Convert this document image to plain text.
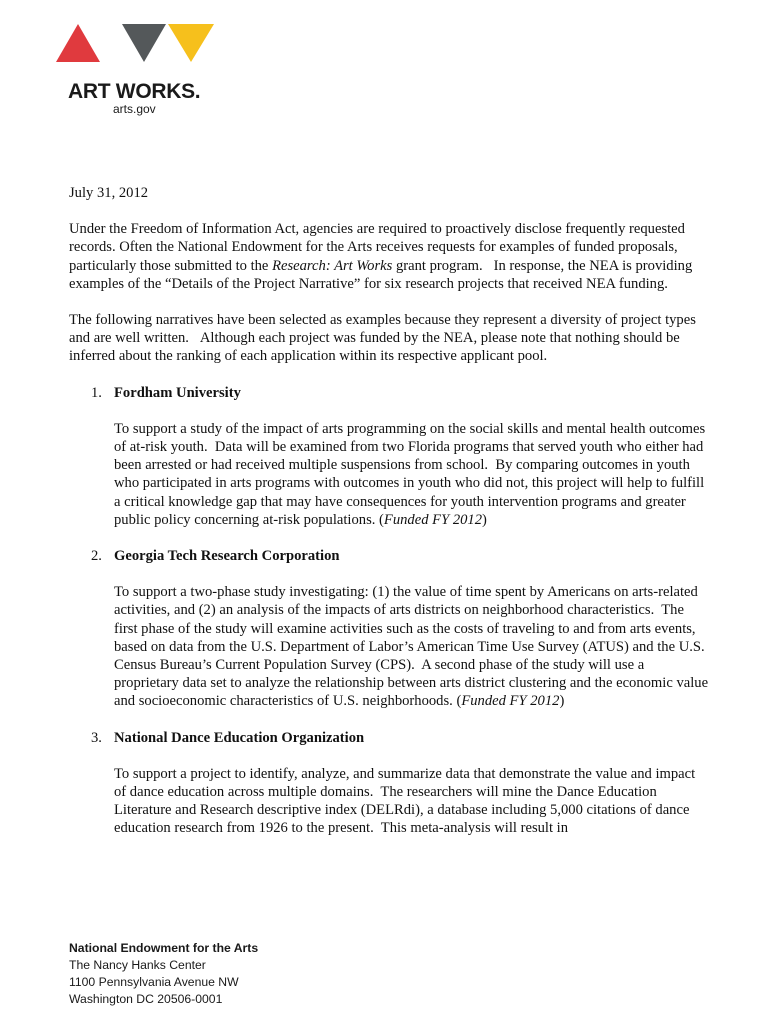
ART WORKS.
arts.gov
July 31, 2012

Under the Freedom of Information Act, agencies are required to proactively disclose frequently requested records. Often the National Endowment for the Arts receives requests for examples of funded proposals, particularly those submitted to the Research: Art Works grant program.   In response, the NEA is providing examples of the “Details of the Project Narrative” for six research projects that received NEA funding.

The following narratives have been selected as examples because they represent a diversity of project types and are well written.   Although each project was funded by the NEA, please note that nothing should be inferred about the ranking of each application within its respective applicant pool.

1. Fordham University

To support a study of the impact of arts programming on the social skills and mental health outcomes of at-risk youth.  Data will be examined from two Florida programs that served youth who either had been arrested or had received multiple suspensions from school.  By comparing outcomes in youth who participated in arts programs with outcomes in youth who did not, this project will help to fulfill a critical knowledge gap that may have consequences for youth intervention programs and greater public policy concerning at-risk populations. (Funded FY 2012)

2. Georgia Tech Research Corporation

To support a two-phase study investigating: (1) the value of time spent by Americans on arts-related activities, and (2) an analysis of the impacts of arts districts on neighborhood characteristics.  The first phase of the study will examine activities such as the costs of traveling to and from arts events, based on data from the U.S. Department of Labor’s American Time Use Survey (ATUS) and the U.S. Census Bureau’s Current Population Survey (CPS).  A second phase of the study will use a proprietary data set to analyze the relationship between arts district clustering and the economic value and socioeconomic characteristics of U.S. neighborhoods. (Funded FY 2012)

3. National Dance Education Organization

To support a project to identify, analyze, and summarize data that demonstrate the value and impact of dance education across multiple domains.  The researchers will mine the Dance Education Literature and Research descriptive index (DELRdi), a database including 5,000 citations of dance education research from 1926 to the present.  This meta-analysis will result in

National Endowment for the Arts
The Nancy Hanks Center
1100 Pennsylvania Avenue NW
Washington DC 20506-0001
